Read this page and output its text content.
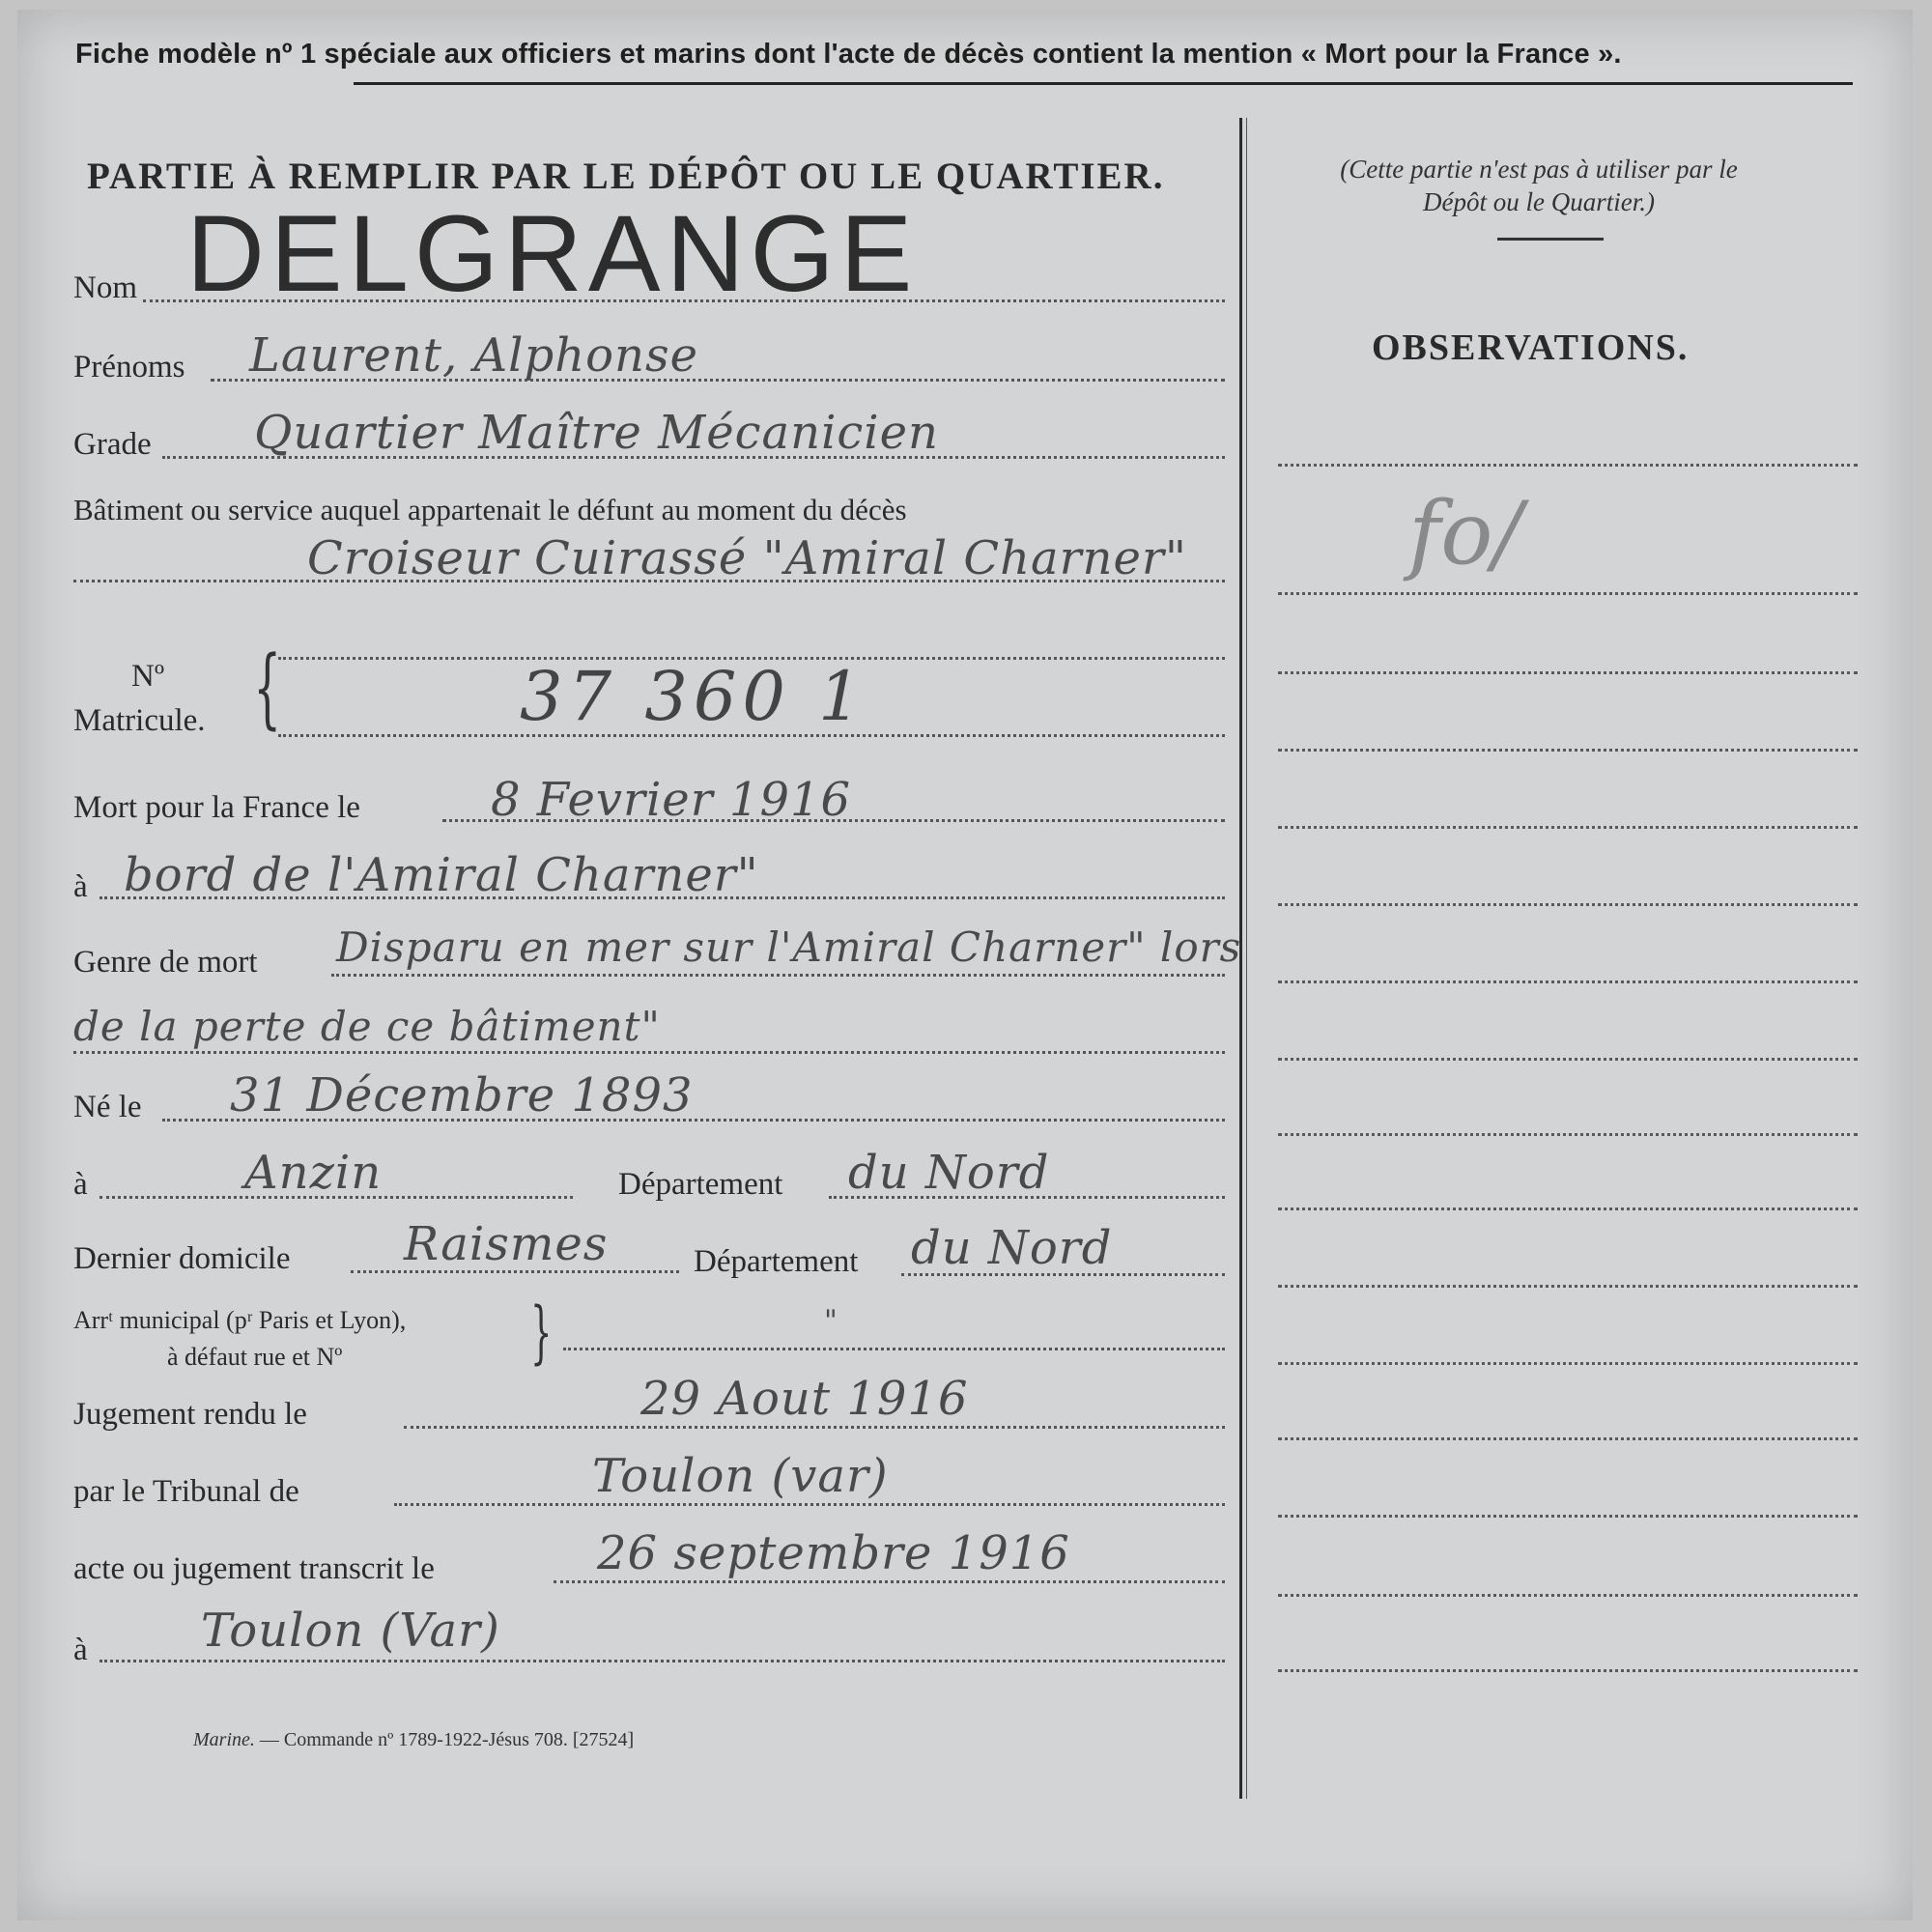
Fiche modèle nº 1 spéciale aux officiers et marins dont l'acte de décès contient la mention « Mort pour la France ».
PARTIE À REMPLIR PAR LE DÉPÔT OU LE QUARTIER.	(Cette partie n'est pas à utiliser par le Dépôt ou le Quartier.)
OBSERVATIONS.
fo/
Nom DELGRANGE
Prénoms Laurent, Alphonse
Grade Quartier Maître Mécanicien
Bâtiment ou service auquel appartenait le défunt au moment du décès
Croiseur Cuirassé "Amiral Charner"
Nº
Matricule. {	37 360 1
Mort pour la France le	8 Fevrier 1916
à bord de l'Amiral Charner"
Genre de mort Disparu en mer sur l'Amiral Charner" lors
de la perte de ce bâtiment"
Né le 31 Décembre 1893
à	Anzin	Département du Nord
Dernier domicile Raismes	Département du Nord
Arrᵗ municipal (pʳ Paris et Lyon),
à défaut rue et Nº	}	"
Jugement rendu le	29 Aout 1916
par le Tribunal de	Toulon (var)
acte ou jugement transcrit le	26 septembre 1916
à Toulon (Var)
Marine. — Commande nº 1789-1922-Jésus 708. [27524]
